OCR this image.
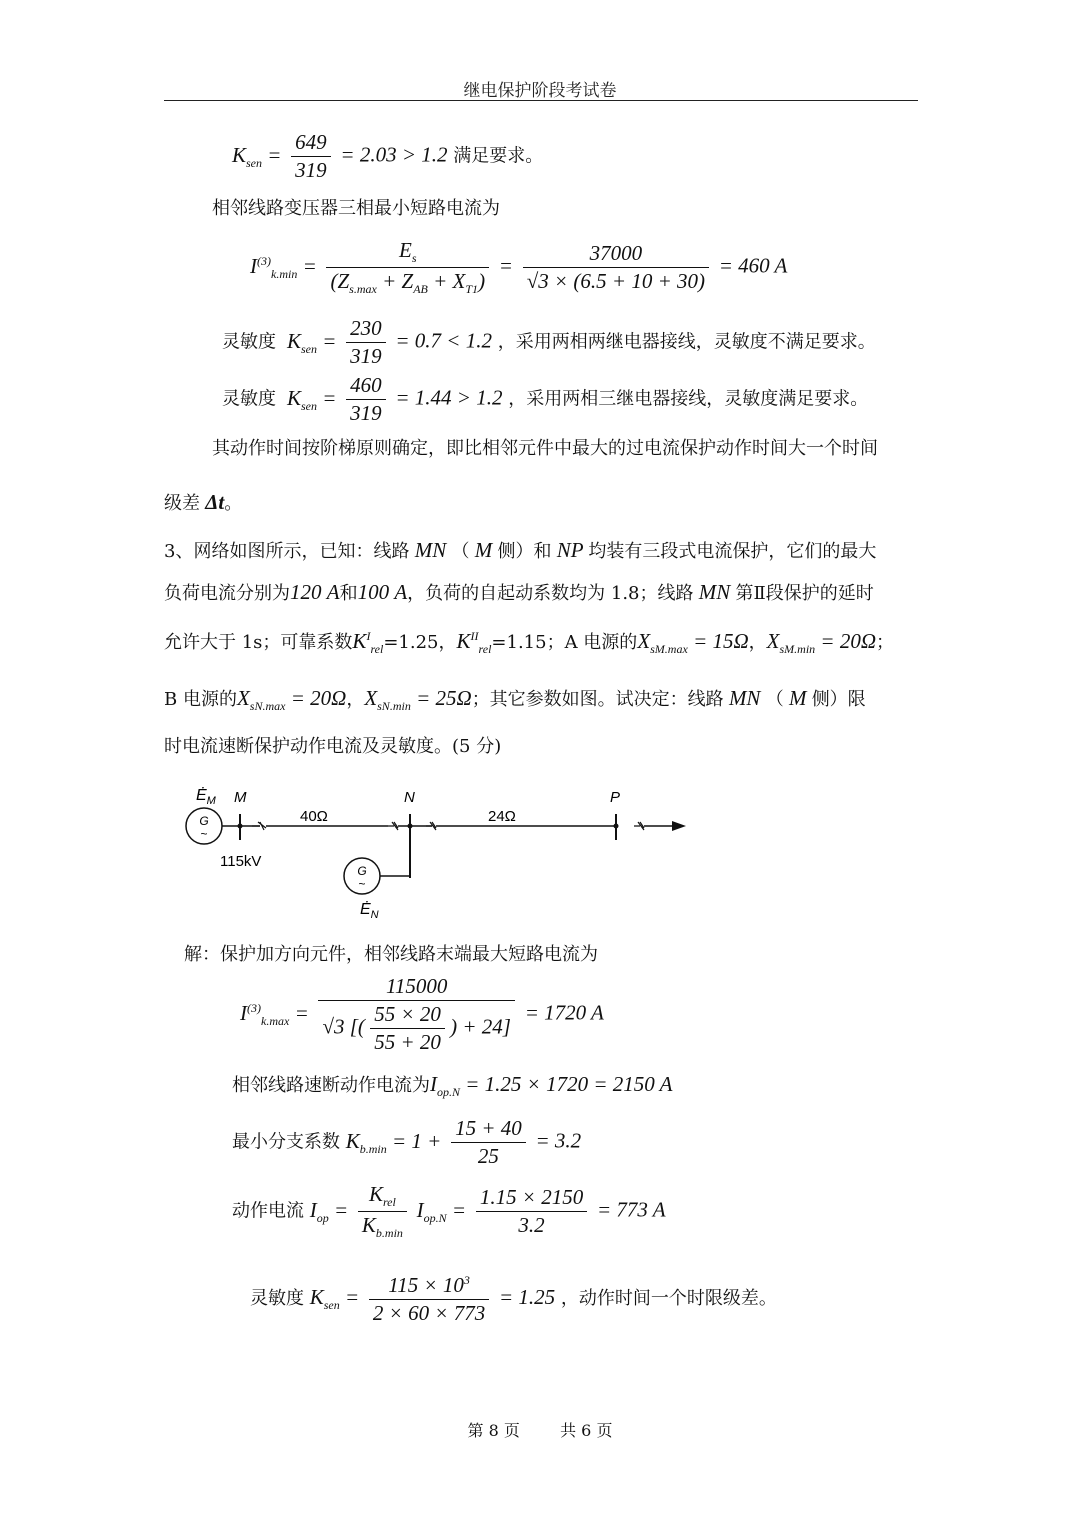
继电保护阶段考试卷
$K_{sen} = \frac{649}{319} = 2.03 > 1.2$ 满足要求。
相邻线路变压器三相最小短路电流为
$I^{(3)}_{k.min} = \frac{E_s}{(Z_{s.max} + Z_{AB} + X_{T1})} = \frac{37000}{√3 \times (6.5 + 10 + 30)} = 460$ A
灵敏度  $K_{sen} = \frac{230}{319} = 0.7 < 1.2$ ，采用两相两继电器接线，灵敏度不满足要求。
灵敏度  $K_{sen} = \frac{460}{319} = 1.44 > 1.2$ ，采用两相三继电器接线，灵敏度满足要求。
其动作时间按阶梯原则确定，即比相邻元件中最大的过电流保护动作时间大一个时间
级差 Δt。
3、网络如图所示，已知：线路 MN （ M 侧）和 NP 均装有三段式电流保护，它们的最大
负荷电流分别为120 A和100 A，负荷的自起动系数均为 1.8；线路 MN 第Ⅱ段保护的延时
允许大于 1s；可靠系数$K^I_{rel}=1.25$，$K^{II}_{rel}=1.15$；A 电源的$X_{sM.max} = 15\Omega$，$X_{sM.min} = 20\Omega$；
B 电源的$X_{sN.max} = 20\Omega$，$X_{sN.min} = 25\Omega$；其它参数如图。试决定：线路 MN （ M 侧）限
时电流速断保护动作电流及灵敏度。(5 分)
$Ė_M$
G
~
M
40Ω
N
24Ω
P
115kV
G
~
$Ė_N$
解：保护加方向元件，相邻线路末端最大短路电流为
$I^{(3)}_{k.max} = \frac{115000}{√3 [( \frac{55 \times 20}{55 + 20} ) + 24]} = 1720$ A
相邻线路速断动作电流为$I_{op.N} = 1.25 \times 1720 = 2150$ A
最小分支系数 $K_{b.min} = 1 + \frac{15 + 40}{25} = 3.2$
动作电流 $I_{op} = \frac{K_{rel}}{K_{b.min}} I_{op.N} = \frac{1.15 \times 2150}{3.2} = 773$ A
灵敏度 $K_{sen} = \frac{115 \times 10^3}{2 \times 60 \times 773} = 1.25$ ，动作时间一个时限级差。
第 8 页	共 6 页
